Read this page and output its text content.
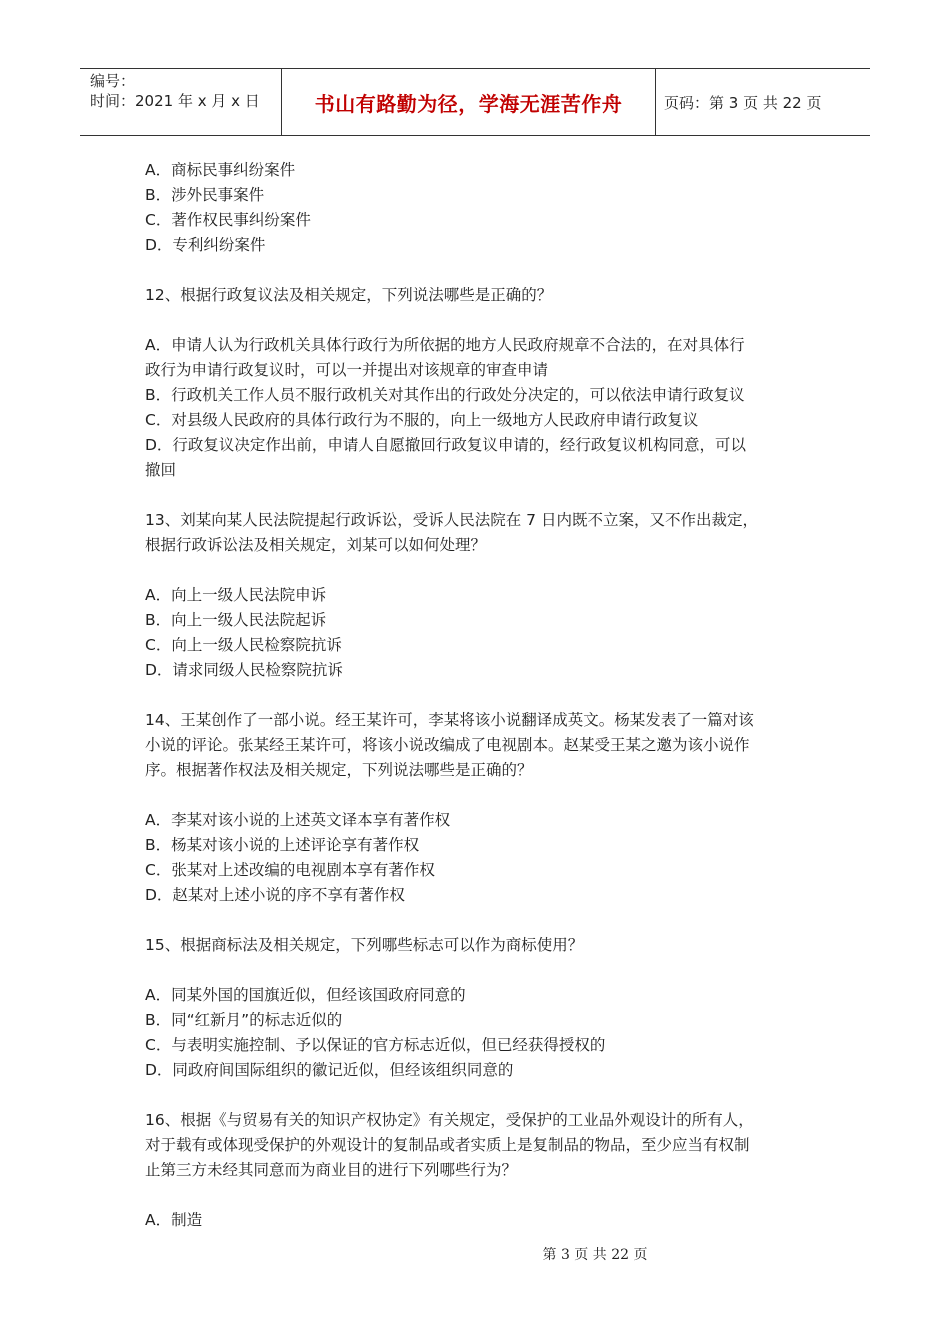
编号：
时间：2021 年 x 月 x 日	书山有路勤为径，学海无涯苦作舟	页码：第 3 页 共 22 页
A．商标民事纠纷案件
B．涉外民事案件
C．著作权民事纠纷案件
D．专利纠纷案件
12、根据行政复议法及相关规定，下列说法哪些是正确的？
A．申请人认为行政机关具体行政行为所依据的地方人民政府规章不合法的，在对具体行
政行为申请行政复议时，可以一并提出对该规章的审查申请
B．行政机关工作人员不服行政机关对其作出的行政处分决定的，可以依法申请行政复议
C．对县级人民政府的具体行政行为不服的，向上一级地方人民政府申请行政复议
D．行政复议决定作出前，申请人自愿撤回行政复议申请的，经行政复议机构同意，可以
撤回
13、刘某向某人民法院提起行政诉讼，受诉人民法院在 7 日内既不立案，又不作出裁定，
根据行政诉讼法及相关规定，刘某可以如何处理？
A．向上一级人民法院申诉
B．向上一级人民法院起诉
C．向上一级人民检察院抗诉
D．请求同级人民检察院抗诉
14、王某创作了一部小说。经王某许可，李某将该小说翻译成英文。杨某发表了一篇对该
小说的评论。张某经王某许可，将该小说改编成了电视剧本。赵某受王某之邀为该小说作
序。根据著作权法及相关规定，下列说法哪些是正确的？
A．李某对该小说的上述英文译本享有著作权
B．杨某对该小说的上述评论享有著作权
C．张某对上述改编的电视剧本享有著作权
D．赵某对上述小说的序不享有著作权
15、根据商标法及相关规定，下列哪些标志可以作为商标使用？
A．同某外国的国旗近似，但经该国政府同意的
B．同“红新月”的标志近似的
C．与表明实施控制、予以保证的官方标志近似，但已经获得授权的
D．同政府间国际组织的徽记近似，但经该组织同意的
16、根据《与贸易有关的知识产权协定》有关规定，受保护的工业品外观设计的所有人，
对于载有或体现受保护的外观设计的复制品或者实质上是复制品的物品，至少应当有权制
止第三方未经其同意而为商业目的进行下列哪些行为？
A．制造
第 3 页 共 22 页
